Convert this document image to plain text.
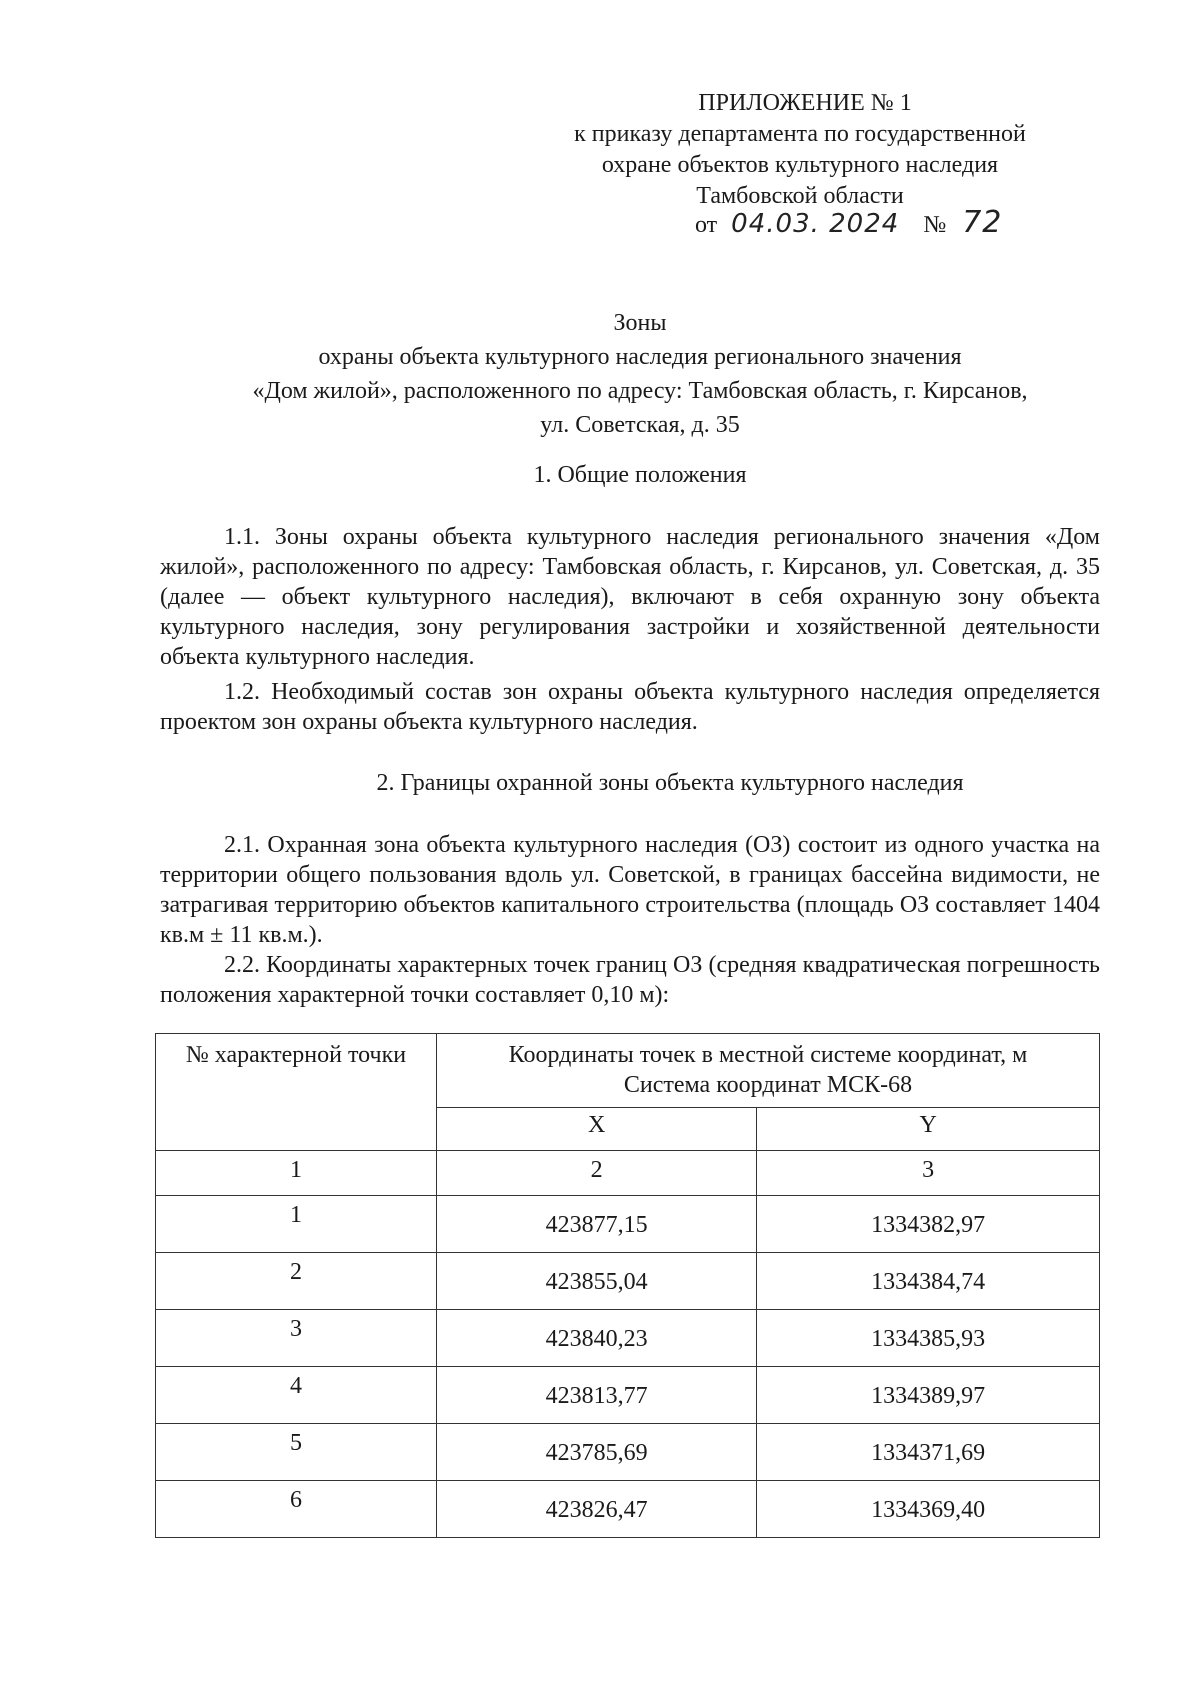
ПРИЛОЖЕНИЕ № 1
к приказу департамента по государственной
охране объектов культурного наследия
Тамбовской области
от 04.03. 2024 № 72
Зоны
охраны объекта культурного наследия регионального значения
«Дом жилой», расположенного по адресу: Тамбовская область, г. Кирсанов,
ул. Советская, д. 35
1. Общие положения
1.1. Зоны охраны объекта культурного наследия регионального значения «Дом жилой», расположенного по адресу: Тамбовская область, г. Кирсанов, ул. Советская, д. 35 (далее — объект культурного наследия), включают в себя охранную зону объекта культурного наследия, зону регулирования застройки и хозяйственной деятельности объекта культурного наследия.
1.2. Необходимый состав зон охраны объекта культурного наследия определяется проектом зон охраны объекта культурного наследия.
2. Границы охранной зоны объекта культурного наследия
2.1. Охранная зона объекта культурного наследия (ОЗ) состоит из одного участка на территории общего пользования вдоль ул. Советской, в границах бассейна видимости, не затрагивая территорию объектов капитального строительства (площадь ОЗ составляет 1404 кв.м ± 11 кв.м.).
2.2. Координаты характерных точек границ ОЗ (средняя квадратическая погрешность положения характерной точки составляет 0,10 м):
№ характерной точки	Координаты точек в местной системе координат, м
Система координат МСК-68	
	X	Y
1	2	3
1	423877,15	1334382,97
2	423855,04	1334384,74
3	423840,23	1334385,93
4	423813,77	1334389,97
5	423785,69	1334371,69
6	423826,47	1334369,40
